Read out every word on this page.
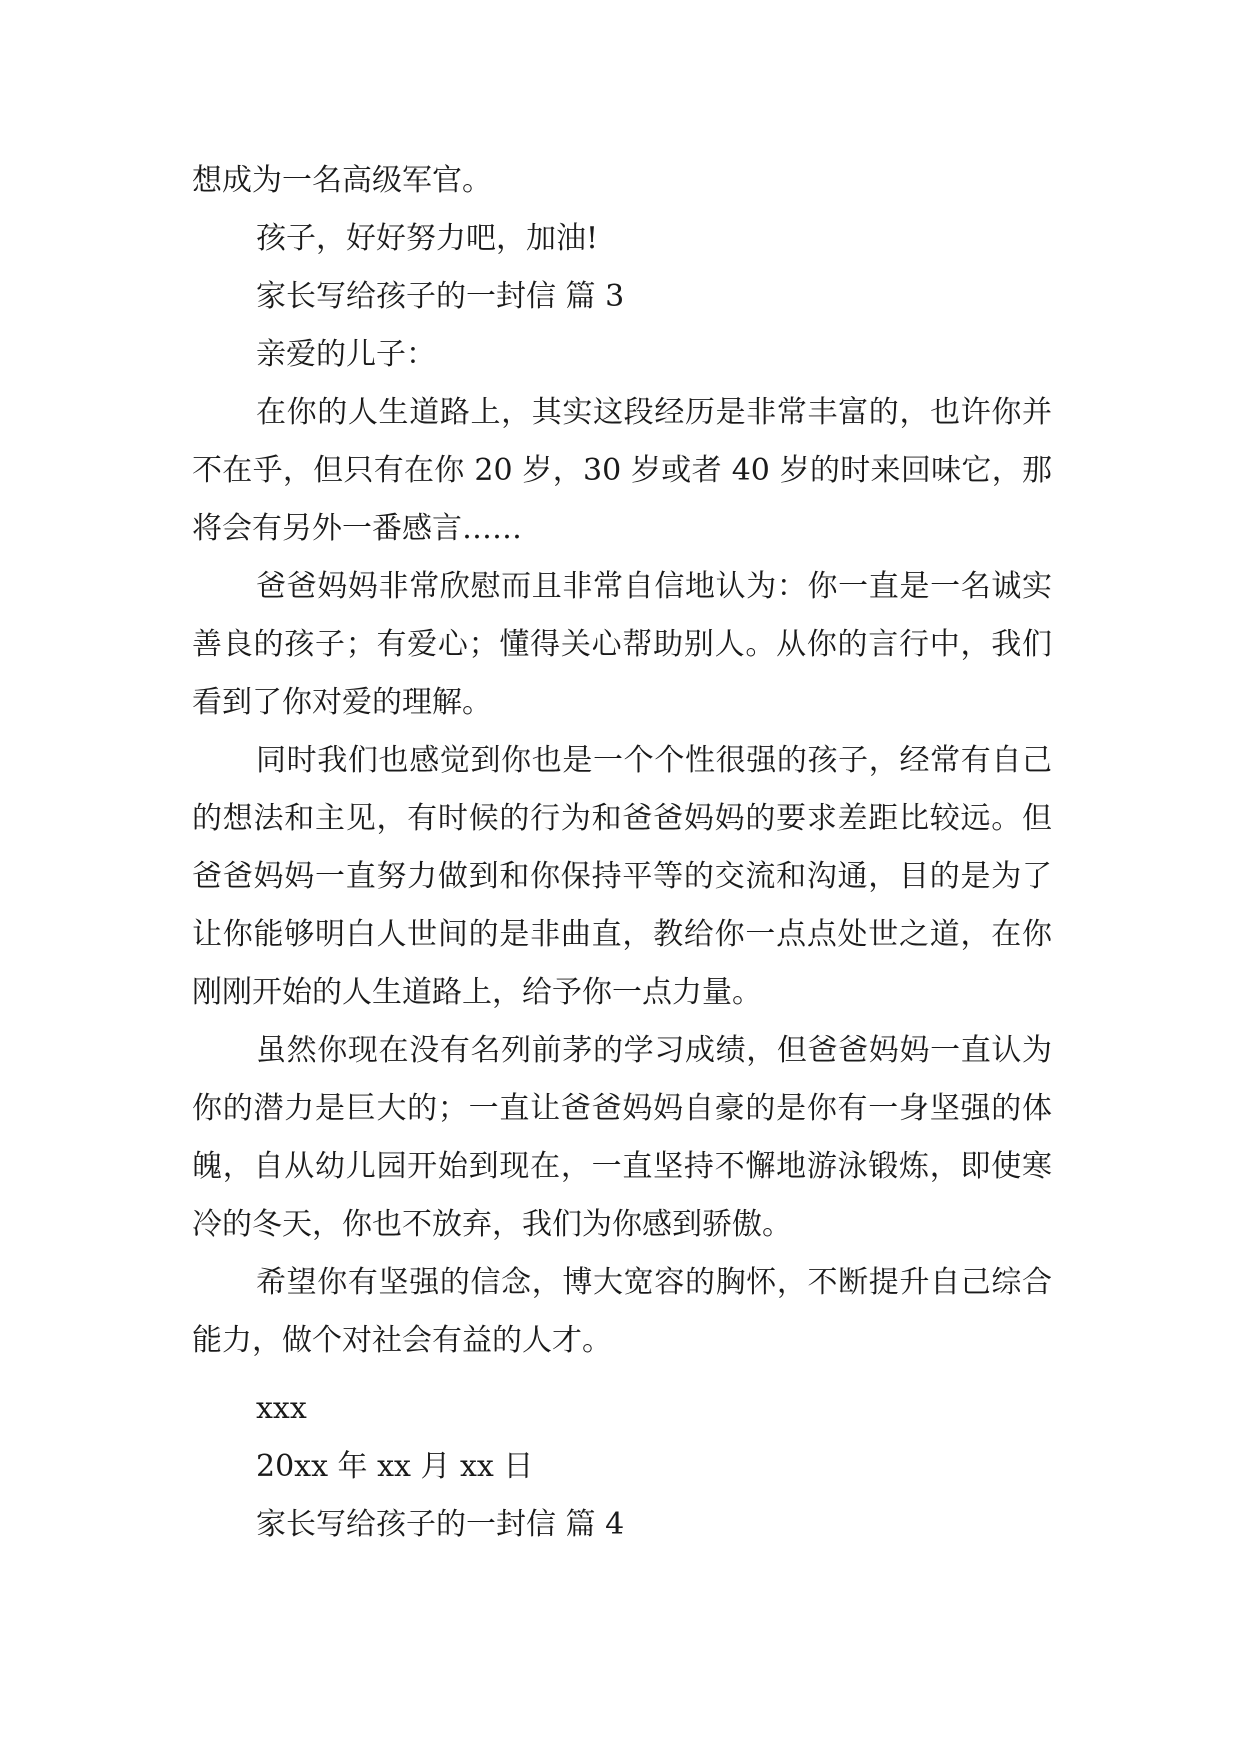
想成为一名高级军官。

孩子，好好努力吧，加油!

家长写给孩子的一封信 篇 3

亲爱的儿子：

在你的人生道路上，其实这段经历是非常丰富的，也许你并不在乎，但只有在你 20 岁，30 岁或者 40 岁的时来回味它，那将会有另外一番感言……

爸爸妈妈非常欣慰而且非常自信地认为：你一直是一名诚实善良的孩子；有爱心；懂得关心帮助别人。从你的言行中，我们看到了你对爱的理解。

同时我们也感觉到你也是一个个性很强的孩子，经常有自己的想法和主见，有时候的行为和爸爸妈妈的要求差距比较远。但爸爸妈妈一直努力做到和你保持平等的交流和沟通，目的是为了让你能够明白人世间的是非曲直，教给你一点点处世之道，在你刚刚开始的人生道路上，给予你一点力量。

虽然你现在没有名列前茅的学习成绩，但爸爸妈妈一直认为你的潜力是巨大的；一直让爸爸妈妈自豪的是你有一身坚强的体魄，自从幼儿园开始到现在，一直坚持不懈地游泳锻炼，即使寒冷的冬天，你也不放弃，我们为你感到骄傲。

希望你有坚强的信念，博大宽容的胸怀，不断提升自己综合能力，做个对社会有益的人才。

xxx

20xx 年 xx 月 xx 日

家长写给孩子的一封信 篇 4
